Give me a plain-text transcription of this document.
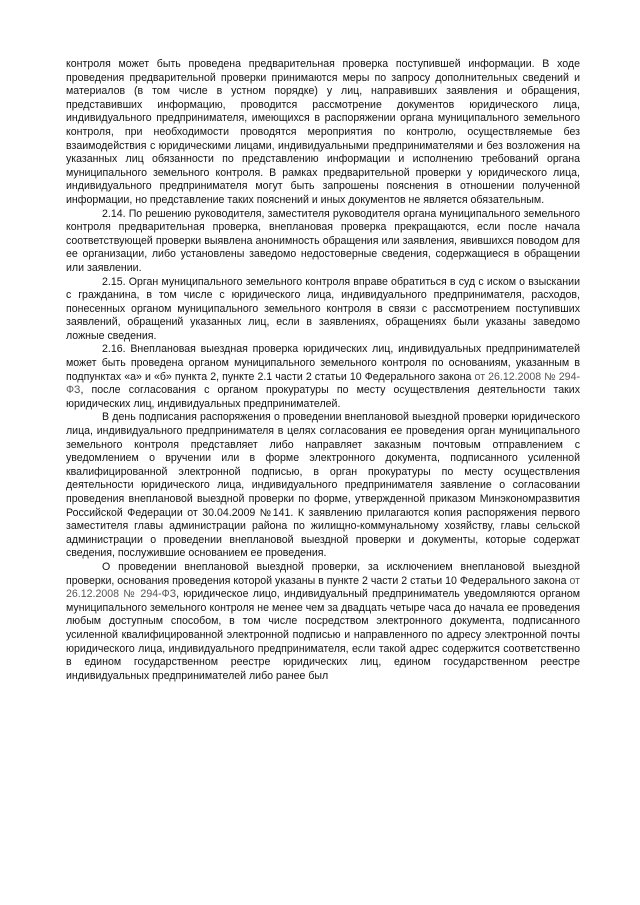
контроля может быть проведена предварительная проверка поступившей информации. В ходе проведения предварительной проверки принимаются меры по запросу дополнительных сведений и материалов (в том числе в устном порядке) у лиц, направивших заявления и обращения, представивших информацию, проводится рассмотрение документов юридического лица, индивидуального предпринимателя, имеющихся в распоряжении органа муниципального земельного контроля, при необходимости проводятся мероприятия по контролю, осуществляемые без взаимодействия с юридическими лицами, индивидуальными предпринимателями и без возложения на указанных лиц обязанности по представлению информации и исполнению требований органа муниципального земельного контроля. В рамках предварительной проверки у юридического лица, индивидуального предпринимателя могут быть запрошены пояснения в отношении полученной информации, но представление таких пояснений и иных документов не является обязательным.

2.14. По решению руководителя, заместителя руководителя органа муниципального земельного контроля предварительная проверка, внеплановая проверка прекращаются, если после начала соответствующей проверки выявлена анонимность обращения или заявления, явившихся поводом для ее организации, либо установлены заведомо недостоверные сведения, содержащиеся в обращении или заявлении.

2.15. Орган муниципального земельного контроля вправе обратиться в суд с иском о взыскании с гражданина, в том числе с юридического лица, индивидуального предпринимателя, расходов, понесенных органом муниципального земельного контроля в связи с рассмотрением поступивших заявлений, обращений указанных лиц, если в заявлениях, обращениях были указаны заведомо ложные сведения.

2.16. Внеплановая выездная проверка юридических лиц, индивидуальных предпринимателей может быть проведена органом муниципального земельного контроля по основаниям, указанным в подпунктах «а» и «б» пункта 2, пункте 2.1 части 2 статьи 10 Федерального закона от 26.12.2008 № 294-ФЗ, после согласования с органом прокуратуры по месту осуществления деятельности таких юридических лиц, индивидуальных предпринимателей.

В день подписания распоряжения о проведении внеплановой выездной проверки юридического лица, индивидуального предпринимателя в целях согласования ее проведения орган муниципального земельного контроля представляет либо направляет заказным почтовым отправлением с уведомлением о вручении или в форме электронного документа, подписанного усиленной квалифицированной электронной подписью, в орган прокуратуры по месту осуществления деятельности юридического лица, индивидуального предпринимателя заявление о согласовании проведения внеплановой выездной проверки по форме, утвержденной приказом Минэкономразвития Российской Федерации от 30.04.2009 №141. К заявлению прилагаются копия распоряжения первого заместителя главы администрации района по жилищно-коммунальному хозяйству, главы сельской администрации о проведении внеплановой выездной проверки и документы, которые содержат сведения, послужившие основанием ее проведения.

О проведении внеплановой выездной проверки, за исключением внеплановой выездной проверки, основания проведения которой указаны в пункте 2 части 2 статьи 10 Федерального закона от 26.12.2008 № 294-ФЗ, юридическое лицо, индивидуальный предприниматель уведомляются органом муниципального земельного контроля не менее чем за двадцать четыре часа до начала ее проведения любым доступным способом, в том числе посредством электронного документа, подписанного усиленной квалифицированной электронной подписью и направленного по адресу электронной почты юридического лица, индивидуального предпринимателя, если такой адрес содержится соответственно в едином государственном реестре юридических лиц, едином государственном реестре индивидуальных предпринимателей либо ранее был
